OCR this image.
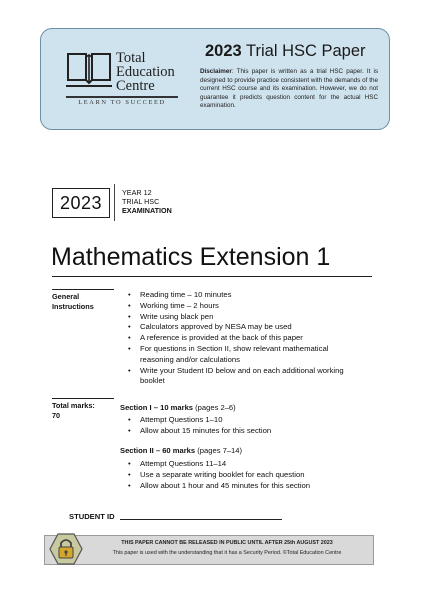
Total
Education
Centre
LEARN TO SUCCEED
2023 Trial HSC Paper
Disclaimer: This paper is written as a trial HSC paper. It is designed to provide practice consistent with the demands of the current HSC course and its examination. However, we do not guarantee it predicts question content for the actual HSC examination.
2023	YEAR 12
TRIAL HSC
EXAMINATION
Mathematics Extension 1
General
Instructions
• Reading time – 10 minutes
• Working time – 2 hours
• Write using black pen
• Calculators approved by NESA may be used
• A reference is provided at the back of this paper
• For questions in Section II, show relevant mathematical reasoning and/or calculations
• Write your Student ID below and on each additional working booklet
Total marks:
70
Section I – 10 marks (pages 2–6)
• Attempt Questions 1–10
• Allow about 15 minutes for this section
Section II – 60 marks (pages 7–14)
• Attempt Questions 11–14
• Use a separate writing booklet for each question
• Allow about 1 hour and 45 minutes for this section
STUDENT ID
THIS PAPER CANNOT BE RELEASED IN PUBLIC UNTIL AFTER 25th AUGUST 2023
This paper is used with the understanding that it has a Security Period. ©Total Education Centre
